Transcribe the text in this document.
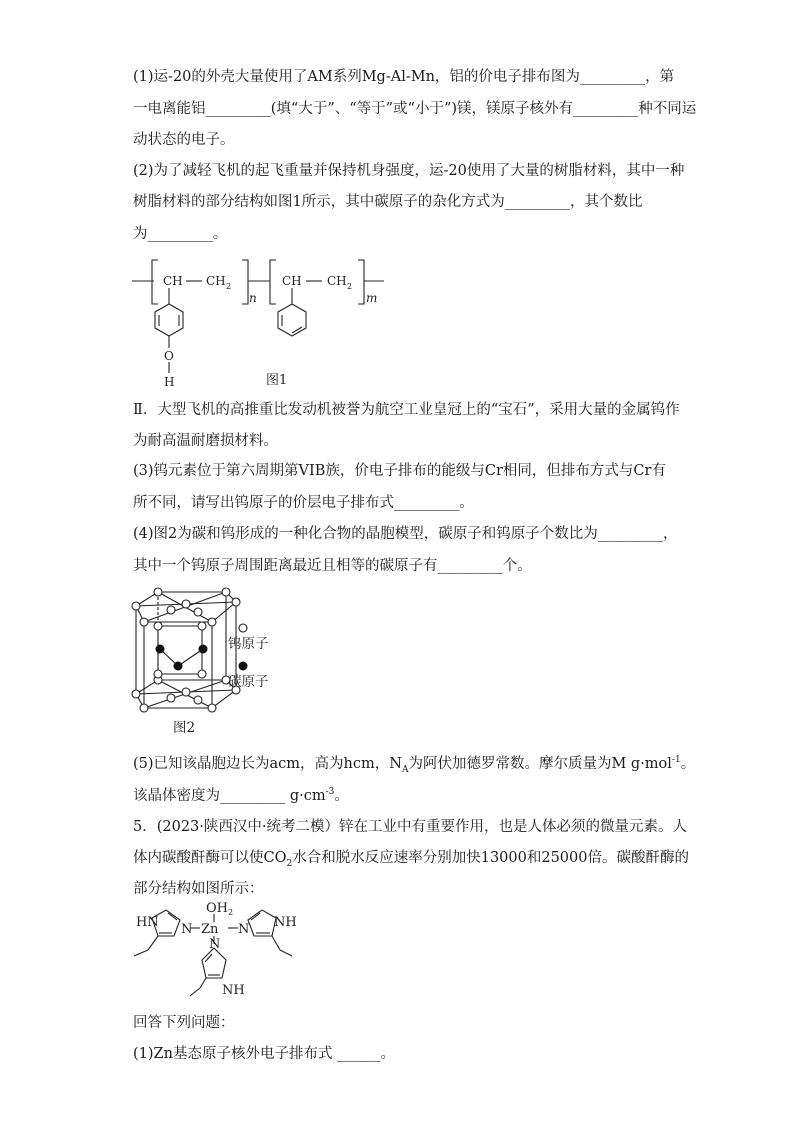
(1)运-20的外壳大量使用了AM系列Mg-Al-Mn，铝的价电子排布图为_________，第
一电离能铝_________(填“大于”、“等于”或“小于”)镁，镁原子核外有_________种不同运
动状态的电子。
(2)为了减轻飞机的起飞重量并保持机身强度，运-20使用了大量的树脂材料，其中一种
树脂材料的部分结构如图1所示，其中碳原子的杂化方式为_________，其个数比
为_________。
CH CH 2
n
CH CH 2
m
O
H	图1
Ⅱ．大型飞机的高推重比发动机被誉为航空工业皇冠上的“宝石”，采用大量的金属钨作
为耐高温耐磨损材料。
(3)钨元素位于第六周期第VIB族，价电子排布的能级与Cr相同，但排布方式与Cr有
所不同，请写出钨原子的价层电子排布式_________。
(4)图2为碳和钨形成的一种化合物的晶胞模型，碳原子和钨原子个数比为_________，
其中一个钨原子周围距离最近且相等的碳原子有_________个。
钨原子
碳原子
图2
(5)已知该晶胞边长为acm，高为hcm，$N_A$为阿伏加德罗常数。摩尔质量为M g·mol$^{-1}$。
该晶体密度为_________ $g\cdot cm^{-3}$。
5．(2023·陕西汉中·统考二模）锌在工业中有重要作用，也是人体必须的微量元素。人
体内碳酸酐酶可以使$CO_2$水合和脱水反应速率分别加快13000和25000倍。碳酸酐酶的
部分结构如图所示：
HN N
OH 2
Zn N NH
N
NH
回答下列问题：
(1)Zn基态原子核外电子排布式 ______。
